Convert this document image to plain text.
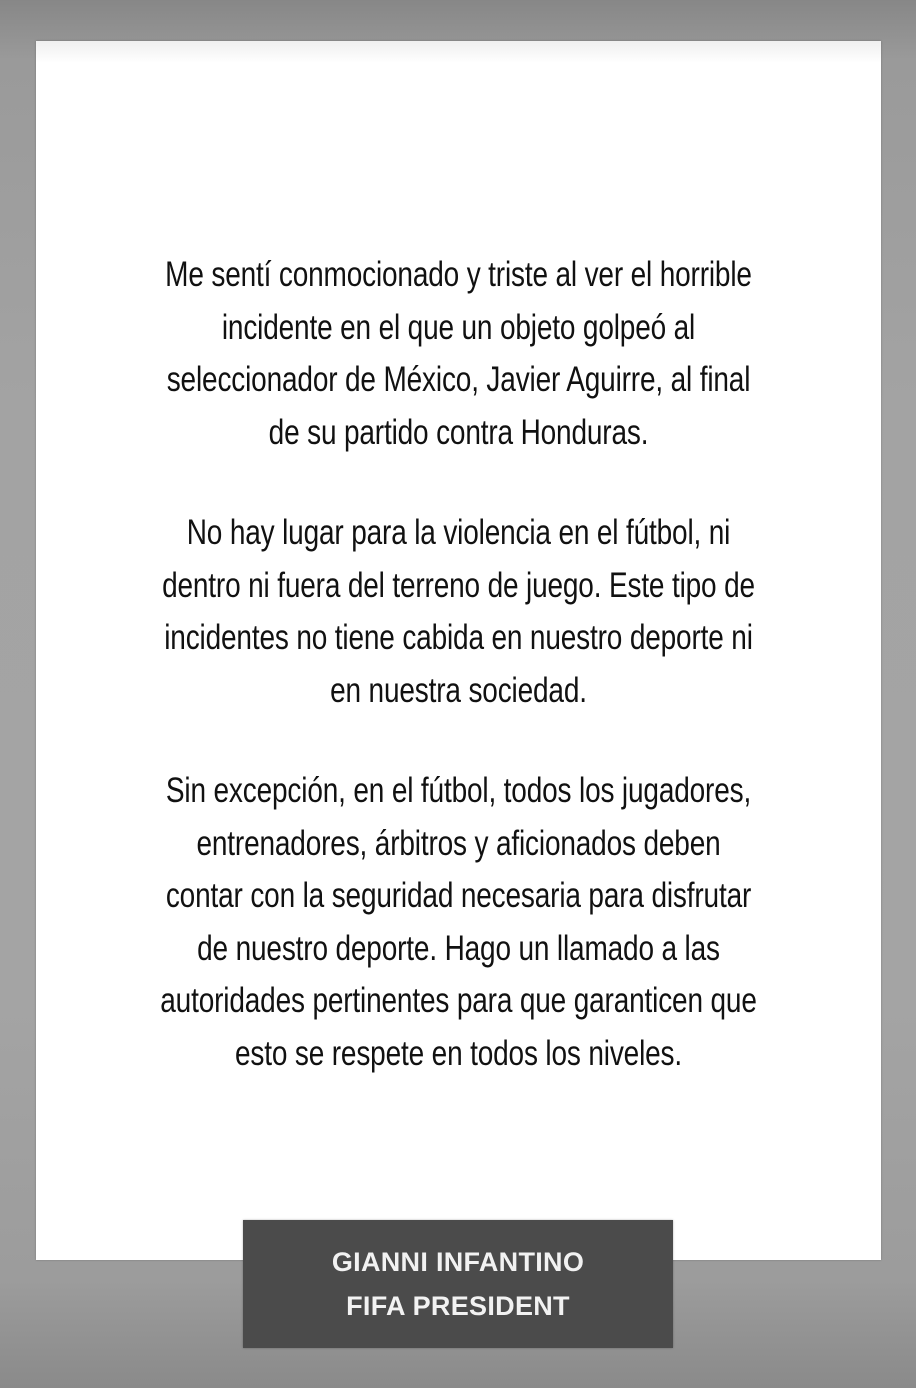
Me sentí conmocionado y triste al ver el horrible
incidente en el que un objeto golpeó al
seleccionador de México, Javier Aguirre, al final
de su partido contra Honduras.

No hay lugar para la violencia en el fútbol, ni
dentro ni fuera del terreno de juego. Este tipo de
incidentes no tiene cabida en nuestro deporte ni
en nuestra sociedad.

Sin excepción, en el fútbol, todos los jugadores,
entrenadores, árbitros y aficionados deben
contar con la seguridad necesaria para disfrutar
de nuestro deporte. Hago un llamado a las
autoridades pertinentes para que garanticen que
esto se respete en todos los niveles.

GIANNI INFANTINO
FIFA PRESIDENT
